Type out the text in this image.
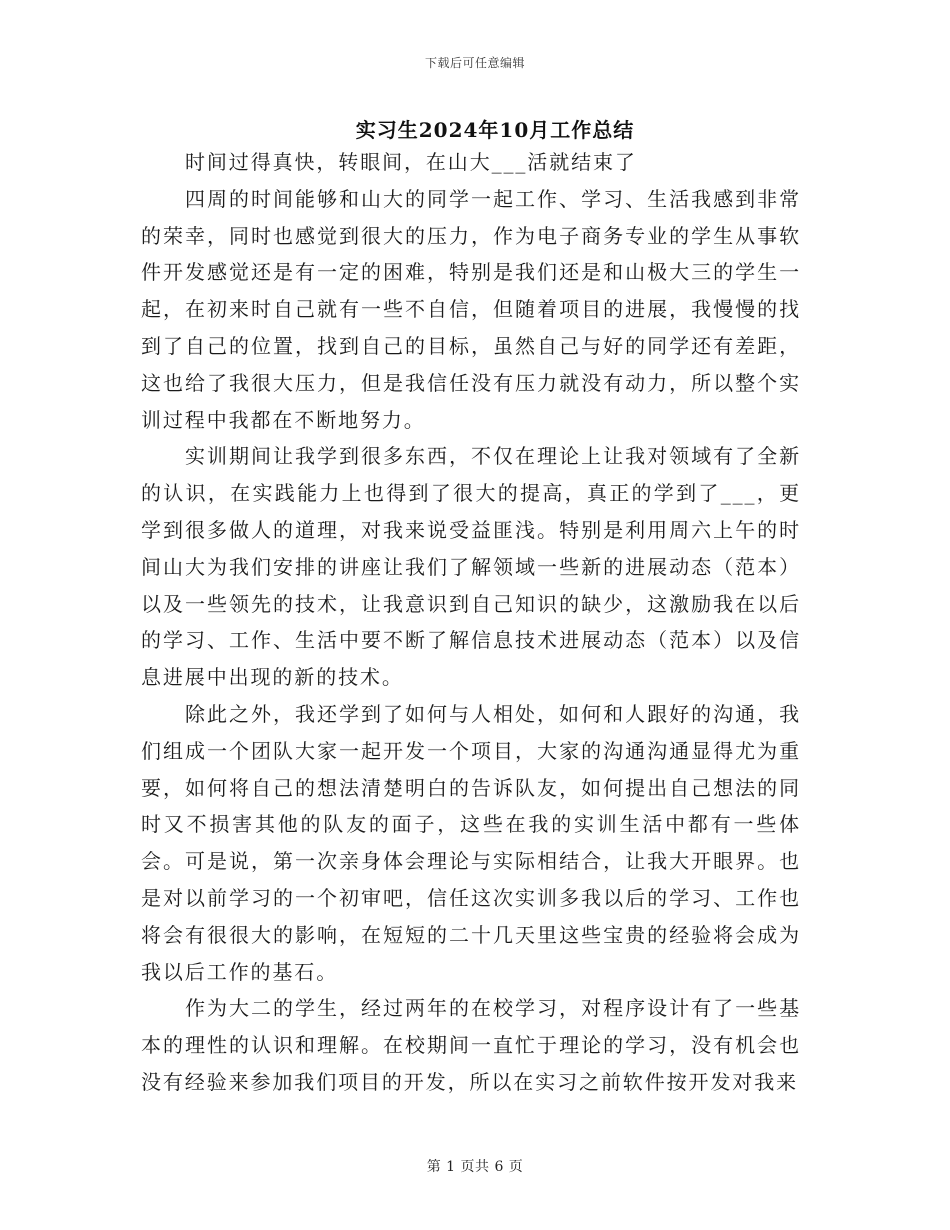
下载后可任意编辑
实习生2024年10月工作总结

时间过得真快，转眼间，在山大___活就结束了

四周的时间能够和山大的同学一起工作、学习、生活我感到非常的荣幸，同时也感觉到很大的压力，作为电子商务专业的学生从事软件开发感觉还是有一定的困难，特别是我们还是和山极大三的学生一起，在初来时自己就有一些不自信，但随着项目的进展，我慢慢的找到了自己的位置，找到自己的目标，虽然自己与好的同学还有差距，这也给了我很大压力，但是我信任没有压力就没有动力，所以整个实训过程中我都在不断地努力。

实训期间让我学到很多东西，不仅在理论上让我对领域有了全新的认识，在实践能力上也得到了很大的提高，真正的学到了___，更学到很多做人的道理，对我来说受益匪浅。特别是利用周六上午的时间山大为我们安排的讲座让我们了解领域一些新的进展动态（范本）以及一些领先的技术，让我意识到自己知识的缺少，这激励我在以后的学习、工作、生活中要不断了解信息技术进展动态（范本）以及信息进展中出现的新的技术。

除此之外，我还学到了如何与人相处，如何和人跟好的沟通，我们组成一个团队大家一起开发一个项目，大家的沟通沟通显得尤为重要，如何将自己的想法清楚明白的告诉队友，如何提出自己想法的同时又不损害其他的队友的面子，这些在我的实训生活中都有一些体会。可是说，第一次亲身体会理论与实际相结合，让我大开眼界。也是对以前学习的一个初审吧，信任这次实训多我以后的学习、工作也将会有很很大的影响，在短短的二十几天里这些宝贵的经验将会成为我以后工作的基石。

作为大二的学生，经过两年的在校学习，对程序设计有了一些基本的理性的认识和理解。在校期间一直忙于理论的学习，没有机会也没有经验来参加我们项目的开发，所以在实习之前软件按开发对我来

第 1 页共 6 页
